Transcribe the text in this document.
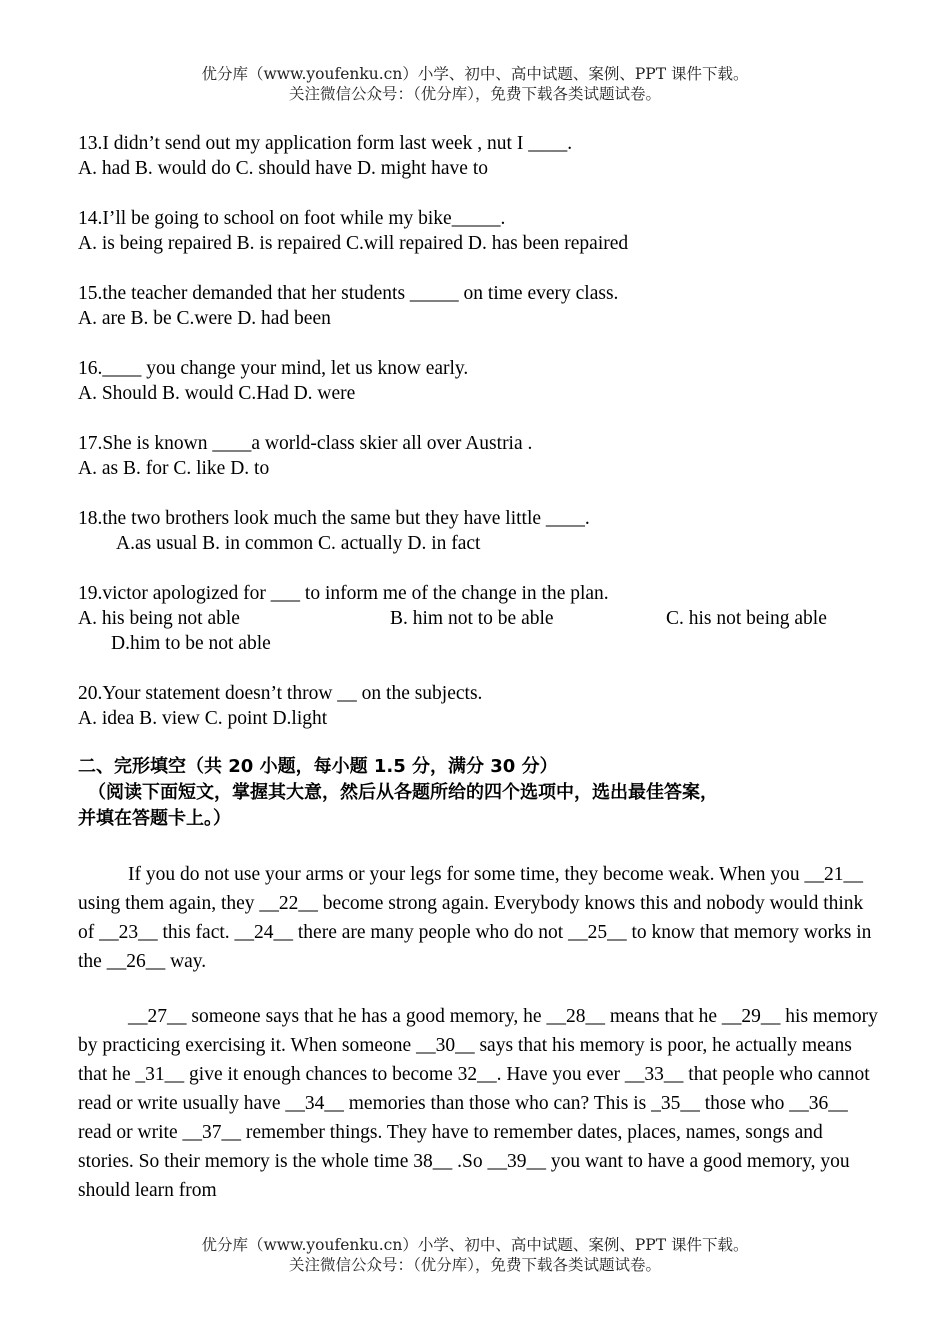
优分库（www.youfenku.cn）小学、初中、高中试题、案例、PPT 课件下载。
关注微信公众号：（优分库），免费下载各类试题试卷。
13.I didn’t send out my application form last week , nut I ____.
A. had B. would do C. should have D. might have to
14.I’ll be going to school on foot while my bike_____.
A. is being repaired B. is repaired C.will repaired D. has been repaired
15.the teacher demanded that her students _____ on time every class.
A. are B. be C.were D. had been
16.____ you change your mind, let us know early.
A. Should B. would C.Had D. were
17.She is known ____a world-class skier all over Austria .
A. as B. for C. like D. to
18.the two brothers look much the same but they have little ____.
A.as usual B. in common C. actually D. in fact
19.victor apologized for ___ to inform me of the change in the plan.
A. his being not able	B. him not to be able	C. his not being able
D.him to be not able
20.Your statement doesn’t throw __ on the subjects.
A. idea B. view C. point D.light
二、完形填空（共 20 小题，每小题 1.5 分，满分 30 分）
（阅读下面短文，掌握其大意，然后从各题所给的四个选项中，选出最佳答案，
并填在答题卡上。）

If you do not use your arms or your legs for some time, they become weak. When you __21__ using them again, they __22__ become strong again. Everybody knows this and nobody would think of __23__ this fact. __24__ there are many people who do not __25__ to know that memory works in the __26__ way.

__27__ someone says that he has a good memory, he __28__ means that he __29__ his memory by practicing exercising it. When someone __30__ says that his memory is poor, he actually means that he _31__ give it enough chances to become 32__. Have you ever __33__ that people who cannot read or write usually have __34__ memories than those who can? This is _35__ those who __36__ read or write __37__ remember things. They have to remember dates, places, names, songs and stories. So their memory is the whole time 38__ .So __39__ you want to have a good memory, you should learn from

优分库（www.youfenku.cn）小学、初中、高中试题、案例、PPT 课件下载。
关注微信公众号：（优分库），免费下载各类试题试卷。
